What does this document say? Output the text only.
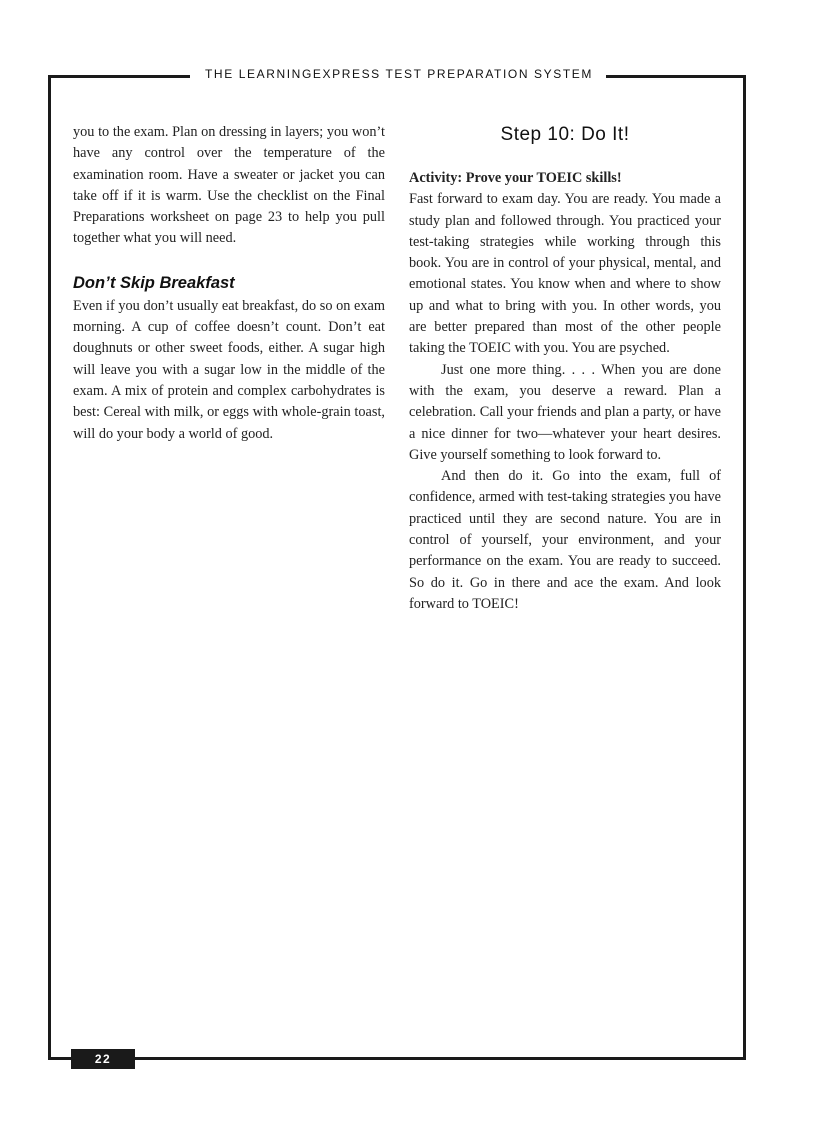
THE LEARNINGEXPRESS TEST PREPARATION SYSTEM

you to the exam. Plan on dressing in layers; you won’t have any control over the temperature of the examination room. Have a sweater or jacket you can take off if it is warm. Use the checklist on the Final Preparations worksheet on page 23 to help you pull together what you will need.

Don’t Skip Breakfast

Even if you don’t usually eat breakfast, do so on exam morning. A cup of coffee doesn’t count. Don’t eat doughnuts or other sweet foods, either. A sugar high will leave you with a sugar low in the middle of the exam. A mix of protein and complex carbohydrates is best: Cereal with milk, or eggs with whole-grain toast, will do your body a world of good.

Step 10: Do It!

Activity: Prove your TOEIC skills!

Fast forward to exam day. You are ready. You made a study plan and followed through. You practiced your test-taking strategies while working through this book. You are in control of your physical, mental, and emotional states. You know when and where to show up and what to bring with you. In other words, you are better prepared than most of the other people taking the TOEIC with you. You are psyched.

Just one more thing. . . . When you are done with the exam, you deserve a reward. Plan a celebration. Call your friends and plan a party, or have a nice dinner for two—whatever your heart desires. Give yourself something to look forward to.

And then do it. Go into the exam, full of confidence, armed with test-taking strategies you have practiced until they are second nature. You are in control of yourself, your environment, and your performance on the exam. You are ready to succeed. So do it. Go in there and ace the exam. And look forward to TOEIC!

22
